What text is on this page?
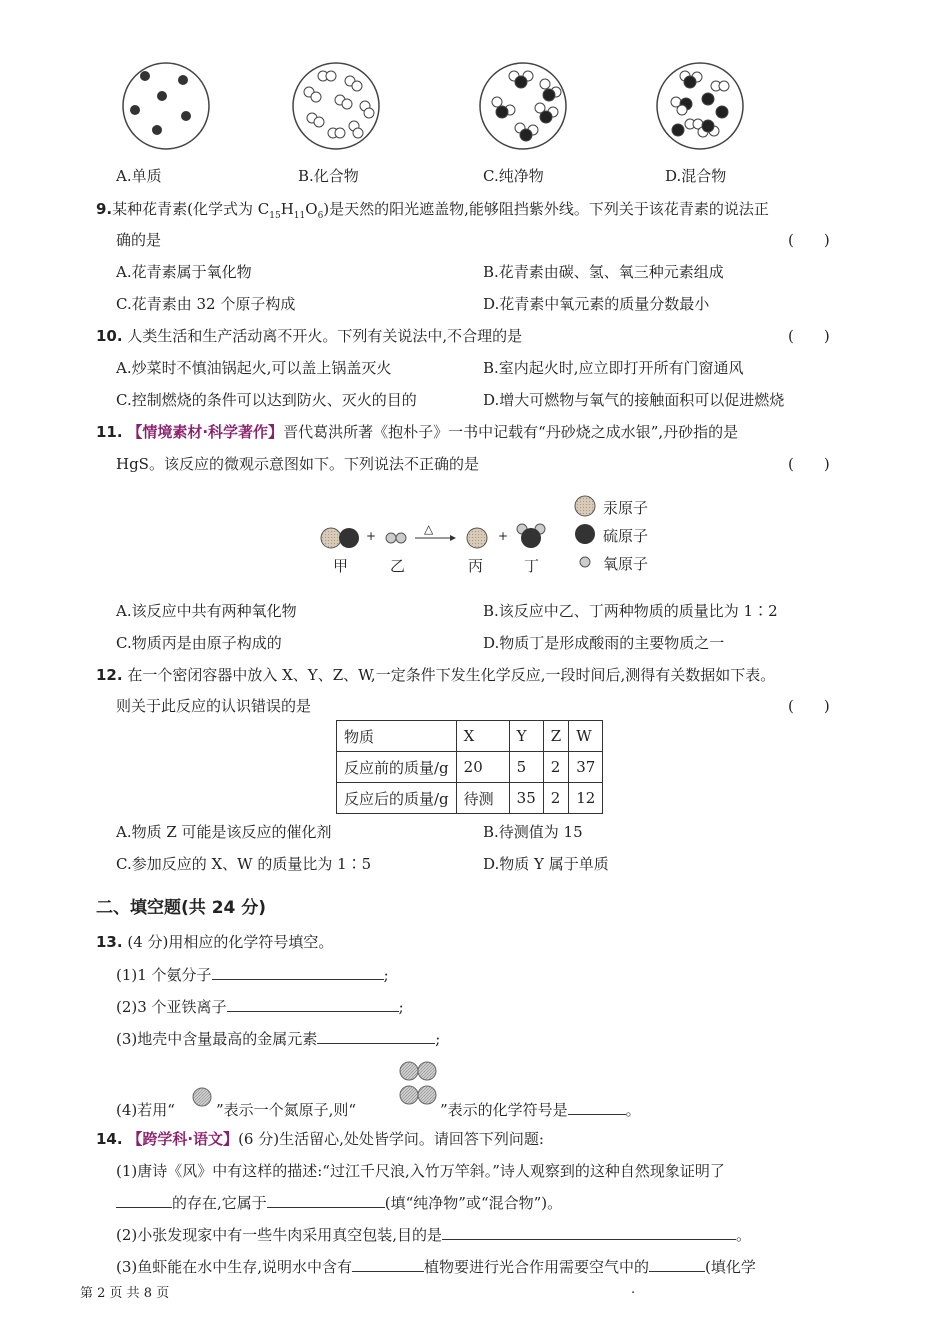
A.单质	B.化合物	C.纯净物	D.混合物
9.某种花青素(化学式为 $C_{15}H_{11}O_6$)是天然的阳光遮盖物,能够阻挡紫外线。下列关于该花青素的说法正
确的是	(　　)
A.花青素属于氧化物	B.花青素由碳、氢、氧三种元素组成
C.花青素由 32 个原子构成	D.花青素中氧元素的质量分数最小
10. 人类生活和生产活动离不开火。下列有关说法中,不合理的是	(　　)
A.炒菜时不慎油锅起火,可以盖上锅盖灭火	B.室内起火时,应立即打开所有门窗通风
C.控制燃烧的条件可以达到防火、灭火的目的	D.增大可燃物与氧气的接触面积可以促进燃烧
11. 【情境素材·科学著作】晋代葛洪所著《抱朴子》一书中记载有“丹砂烧之成水银”,丹砂指的是
HgS。该反应的微观示意图如下。下列说法不正确的是	(　　)
+	△	+
甲	乙	丙	丁
汞原子
硫原子
氧原子
A.该反应中共有两种氧化物	B.该反应中乙、丁两种物质的质量比为 1∶2
C.物质丙是由原子构成的	D.物质丁是形成酸雨的主要物质之一
12. 在一个密闭容器中放入 X、Y、Z、W,一定条件下发生化学反应,一段时间后,测得有关数据如下表。
则关于此反应的认识错误的是	(　　)
物质	X	Y	Z	W
反应前的质量/g	20	5	2	37
反应后的质量/g	待测	35	2	12
A.物质 Z 可能是该反应的催化剂	B.待测值为 15
C.参加反应的 X、W 的质量比为 1∶5	D.物质 Y 属于单质
二、填空题(共 24 分)
13. (4 分)用相应的化学符号填空。
(1)1 个氨分子	;
(2)3 个亚铁离子	;
(3)地壳中含量最高的金属元素	;
(4)若用“	”表示一个氮原子,则“	”表示的化学符号是	。
14. 【跨学科·语文】(6 分)生活留心,处处皆学问。请回答下列问题:
(1)唐诗《风》中有这样的描述:“过江千尺浪,入竹万竿斜。”诗人观察到的这种自然现象证明了
的存在,它属于	(填“纯净物”或“混合物”)。
(2)小张发现家中有一些牛肉采用真空包装,目的是	。
(3)鱼虾能在水中生存,说明水中含有	植物要进行光合作用需要空气中的	(填化学
第 2 页 共 8 页	.
